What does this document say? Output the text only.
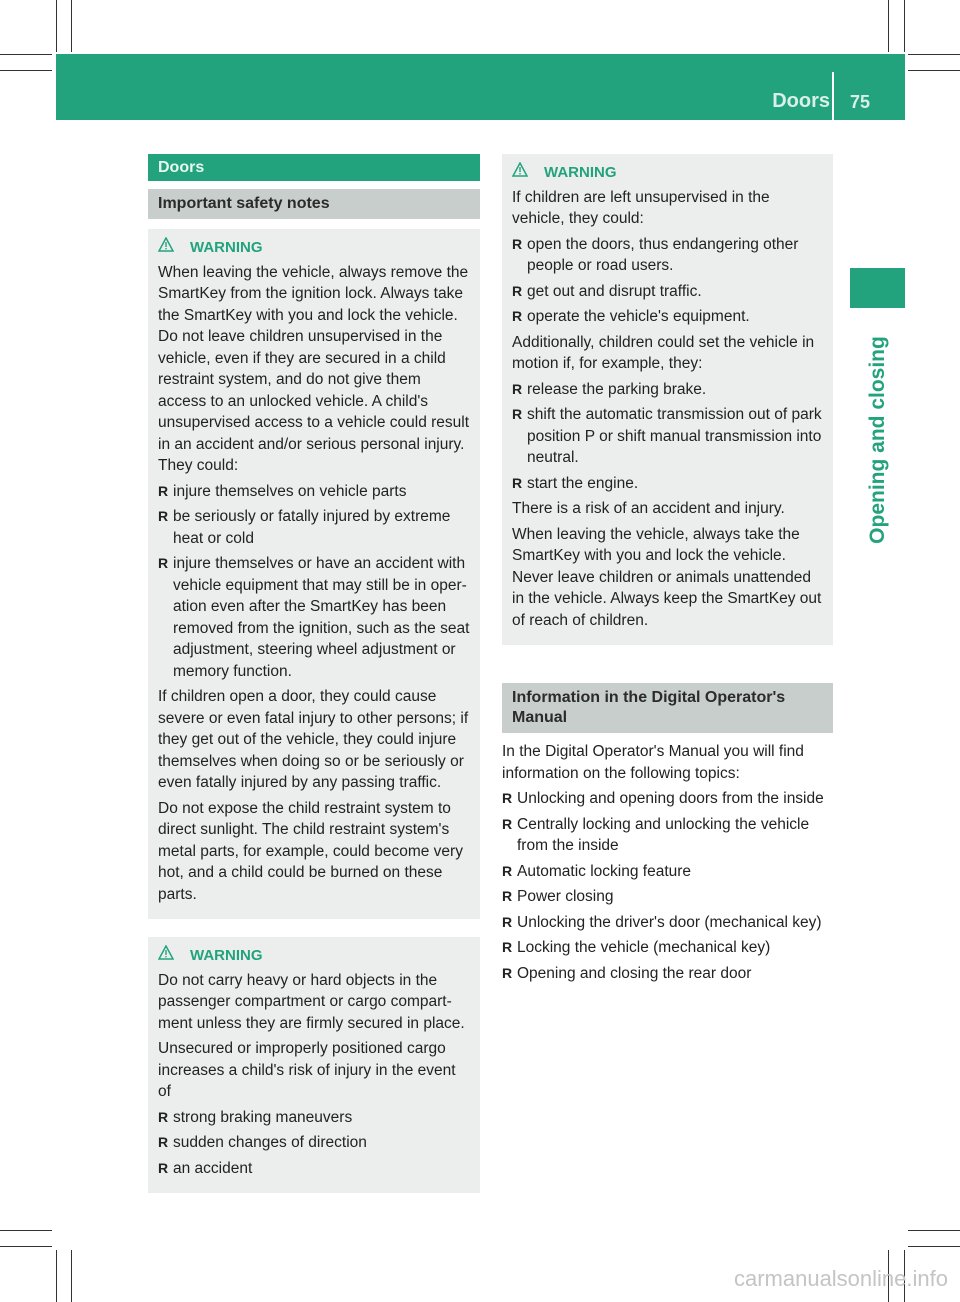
Doors 75
Opening and closing
Doors
Important safety notes
WARNING

When leaving the vehicle, always remove the SmartKey from the ignition lock. Always take the SmartKey with you and lock the vehicle. Do not leave children unsupervised in the vehicle, even if they are secured in a child restraint system, and do not give them access to an unlocked vehicle. A child's unsupervised access to a vehicle could result in an accident and/or serious personal injury. They could:

R injure themselves on vehicle parts
R be seriously or fatally injured by extreme heat or cold
R injure themselves or have an accident with vehicle equipment that may still be in oper- ation even after the SmartKey has been removed from the ignition, such as the seat adjustment, steering wheel adjustment or memory function.

If children open a door, they could cause severe or even fatal injury to other persons; if they get out of the vehicle, they could injure themselves when doing so or be seriously or even fatally injured by any passing traffic.

Do not expose the child restraint system to direct sunlight. The child restraint system's metal parts, for example, could become very hot, and a child could be burned on these parts.

WARNING

Do not carry heavy or hard objects in the passenger compartment or cargo compart- ment unless they are firmly secured in place.

Unsecured or improperly positioned cargo increases a child's risk of injury in the event of

R strong braking maneuvers
R sudden changes of direction
R an accident
WARNING

If children are left unsupervised in the vehicle, they could:

R open the doors, thus endangering other people or road users.
R get out and disrupt traffic.
R operate the vehicle's equipment.

Additionally, children could set the vehicle in motion if, for example, they:

R release the parking brake.
R shift the automatic transmission out of park position P or shift manual transmission into neutral.
R start the engine.

There is a risk of an accident and injury.

When leaving the vehicle, always take the SmartKey with you and lock the vehicle. Never leave children or animals unattended in the vehicle. Always keep the SmartKey out of reach of children.

Information in the Digital Operator's Manual

In the Digital Operator's Manual you will find information on the following topics:

R Unlocking and opening doors from the inside
R Centrally locking and unlocking the vehicle from the inside
R Automatic locking feature
R Power closing
R Unlocking the driver's door (mechanical key)
R Locking the vehicle (mechanical key)
R Opening and closing the rear door
carmanualsonline.info
